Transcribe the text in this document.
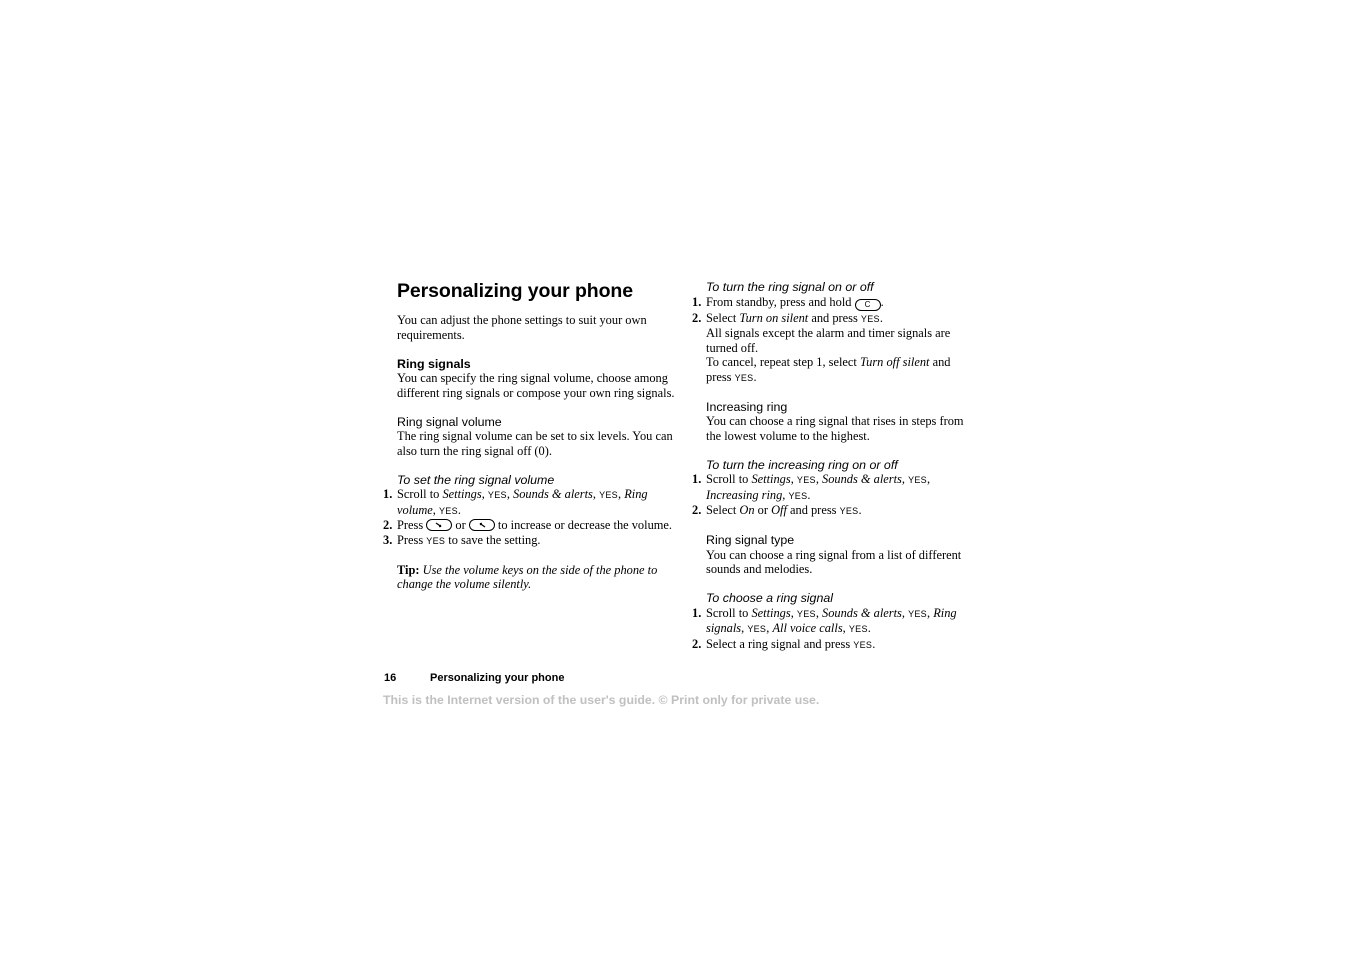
Personalizing your phone

You can adjust the phone settings to suit your own requirements.

Ring signals

You can specify the ring signal volume, choose among different ring signals or compose your own ring signals.

Ring signal volume

The ring signal volume can be set to six levels. You can also turn the ring signal off (0).

To set the ring signal volume
1. Scroll to Settings, YES, Sounds & alerts, YES, Ring volume, YES.
2. Press  or	to increase or decrease the volume.
3. Press YES to save the setting.

Tip: Use the volume keys on the side of the phone to change the volume silently.

To turn the ring signal on or off
1. From standby, press and hold C .
2. Select Turn on silent and press YES.

All signals except the alarm and timer signals are turned off.

To cancel, repeat step 1, select Turn off silent and press YES.

Increasing ring

You can choose a ring signal that rises in steps from the lowest volume to the highest.

To turn the increasing ring on or off
1. Scroll to Settings, YES, Sounds & alerts, YES, Increasing ring, YES.
2. Select On or Off and press YES.
Ring signal type

You can choose a ring signal from a list of different sounds and melodies.

To choose a ring signal
1. Scroll to Settings, YES, Sounds & alerts, YES, Ring signals, YES, All voice calls, YES.
2. Select a ring signal and press YES.
16	Personalizing your phone
This is the Internet version of the user's guide. © Print only for private use.
